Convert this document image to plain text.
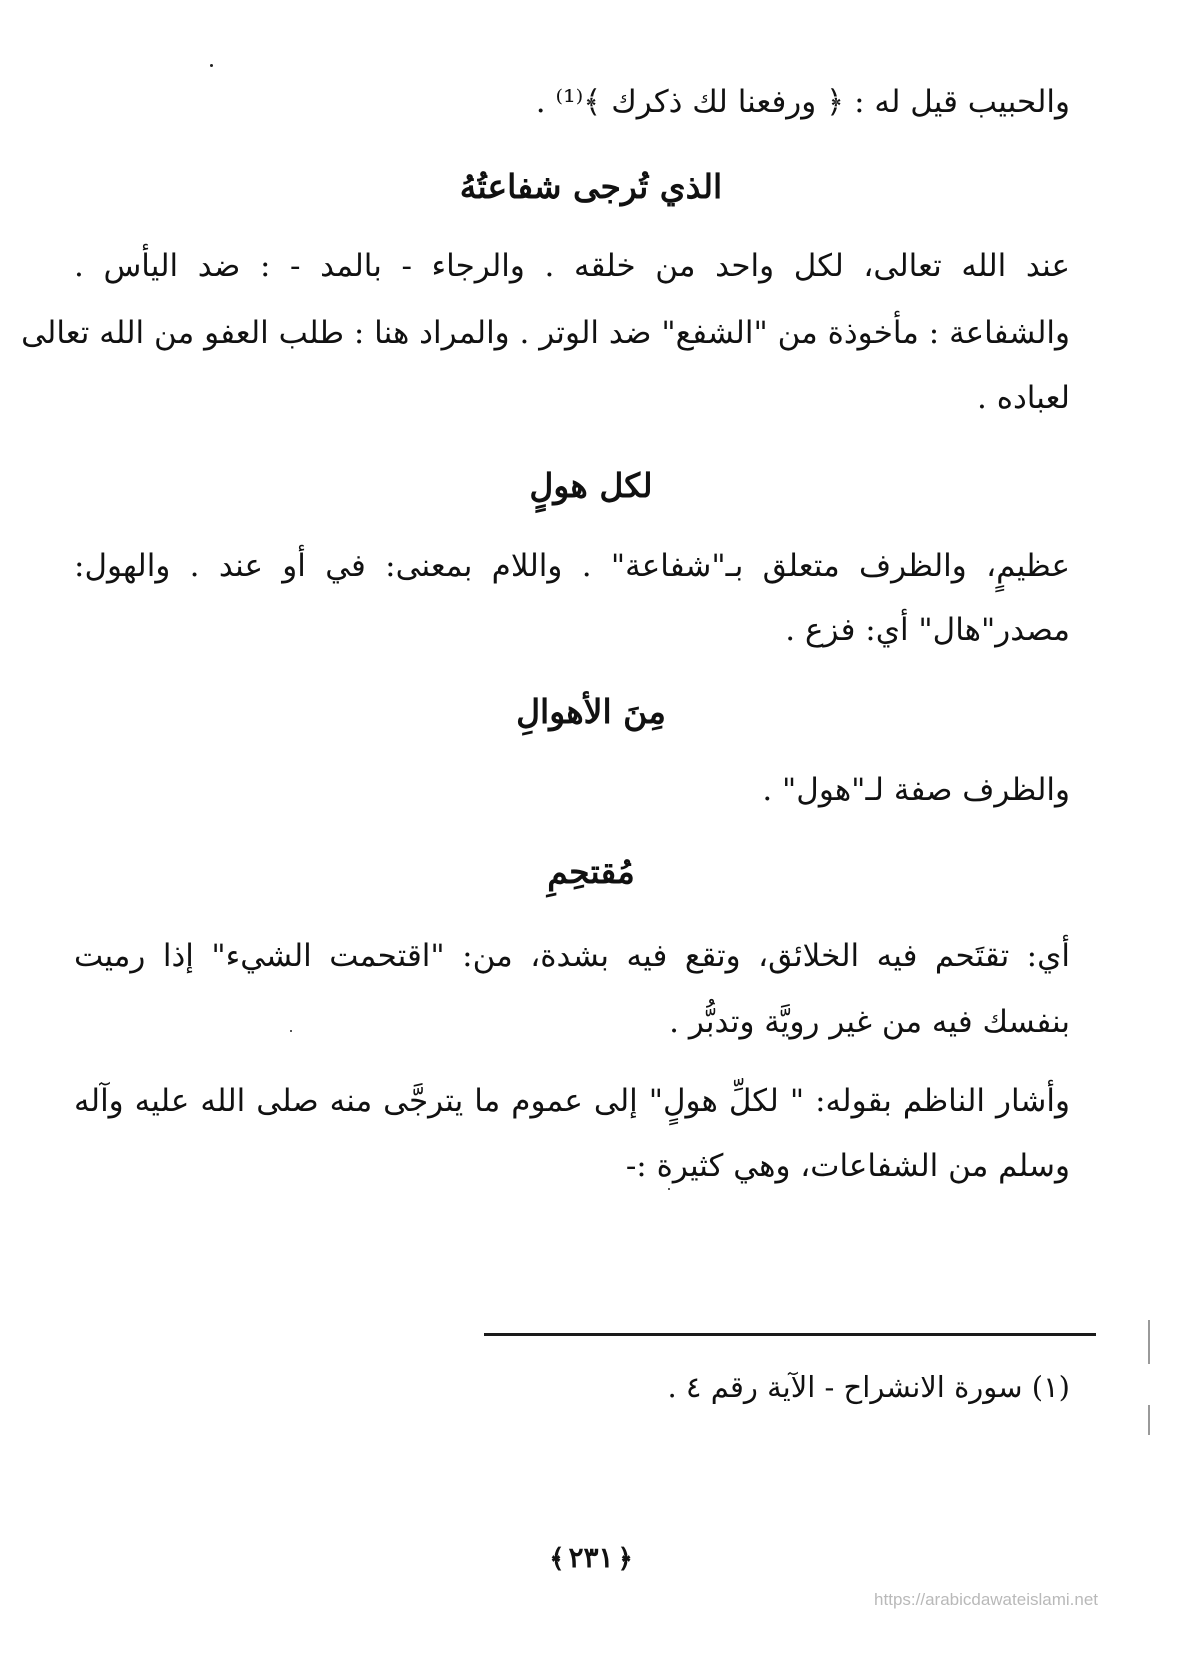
والحبيب قيل له : ﴿ ورفعنا لك ذكرك ﴾⁽¹⁾ .
الذي تُرجى شفاعتُهُ
عند الله تعالى، لكل واحد من خلقه . والرجاء - بالمد - : ضد اليأس .
والشفاعة : مأخوذة من "الشفع" ضد الوتر . والمراد هنا : طلب العفو من الله تعالى
لعباده .
لكل هولٍ
عظيمٍ، والظرف متعلق بـ"شفاعة" . واللام بمعنى: في أو عند . والهول:
مصدر"هال" أي: فزع .
مِنَ الأهوالِ
والظرف صفة لـ"هول" .
مُقتحِمِ
أي: تقتَحم فيه الخلائق، وتقع فيه بشدة، من: "اقتحمت الشيء" إذا رميت
بنفسك فيه من غير رويَّة وتدبُّر .
وأشار الناظم بقوله: " لكلِّ هولٍ" إلى عموم ما يترجَّى منه صلى الله عليه وآله
وسلم من الشفاعات، وهي كثيرة :-
(١) سورة الانشراح - الآية رقم ٤ .
﴿٢٣١﴾
https://arabicdawateislami.net
